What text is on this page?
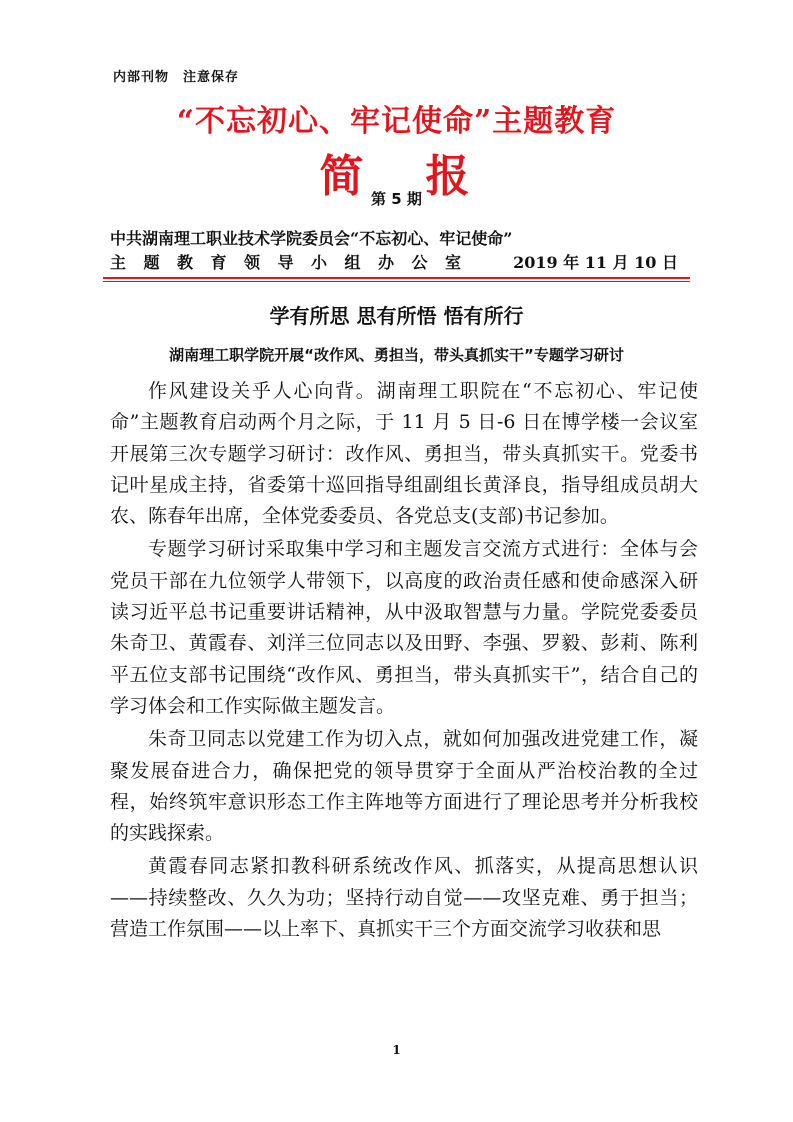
内部刊物 注意保存
“不忘初心、牢记使命”主题教育
简 报
第 5 期
中共湖南理工职业技术学院委员会“不忘初心、牢记使命”
主题教育领导小组办公室 2019 年 11 月 10 日
学有所思 思有所悟 悟有所行
湖南理工职学院开展“改作风、勇担当，带头真抓实干”专题学习研讨

作风建设关乎人心向背。湖南理工职院在“不忘初心、牢记使命”主题教育启动两个月之际，于 11 月 5 日-6 日在博学楼一会议室开展第三次专题学习研讨：改作风、勇担当，带头真抓实干。党委书记叶星成主持，省委第十巡回指导组副组长黄泽良，指导组成员胡大农、陈春年出席，全体党委委员、各党总支(支部)书记参加。

专题学习研讨采取集中学习和主题发言交流方式进行：全体与会党员干部在九位领学人带领下，以高度的政治责任感和使命感深入研读习近平总书记重要讲话精神，从中汲取智慧与力量。学院党委委员朱奇卫、黄霞春、刘洋三位同志以及田野、李强、罗毅、彭莉、陈利平五位支部书记围绕“改作风、勇担当，带头真抓实干”，结合自己的学习体会和工作实际做主题发言。

朱奇卫同志以党建工作为切入点，就如何加强改进党建工作，凝聚发展奋进合力，确保把党的领导贯穿于全面从严治校治教的全过程，始终筑牢意识形态工作主阵地等方面进行了理论思考并分析我校的实践探索。

黄霞春同志紧扣教科研系统改作风、抓落实，从提高思想认识——持续整改、久久为功；坚持行动自觉——攻坚克难、勇于担当；营造工作氛围——以上率下、真抓实干三个方面交流学习收获和思

1
